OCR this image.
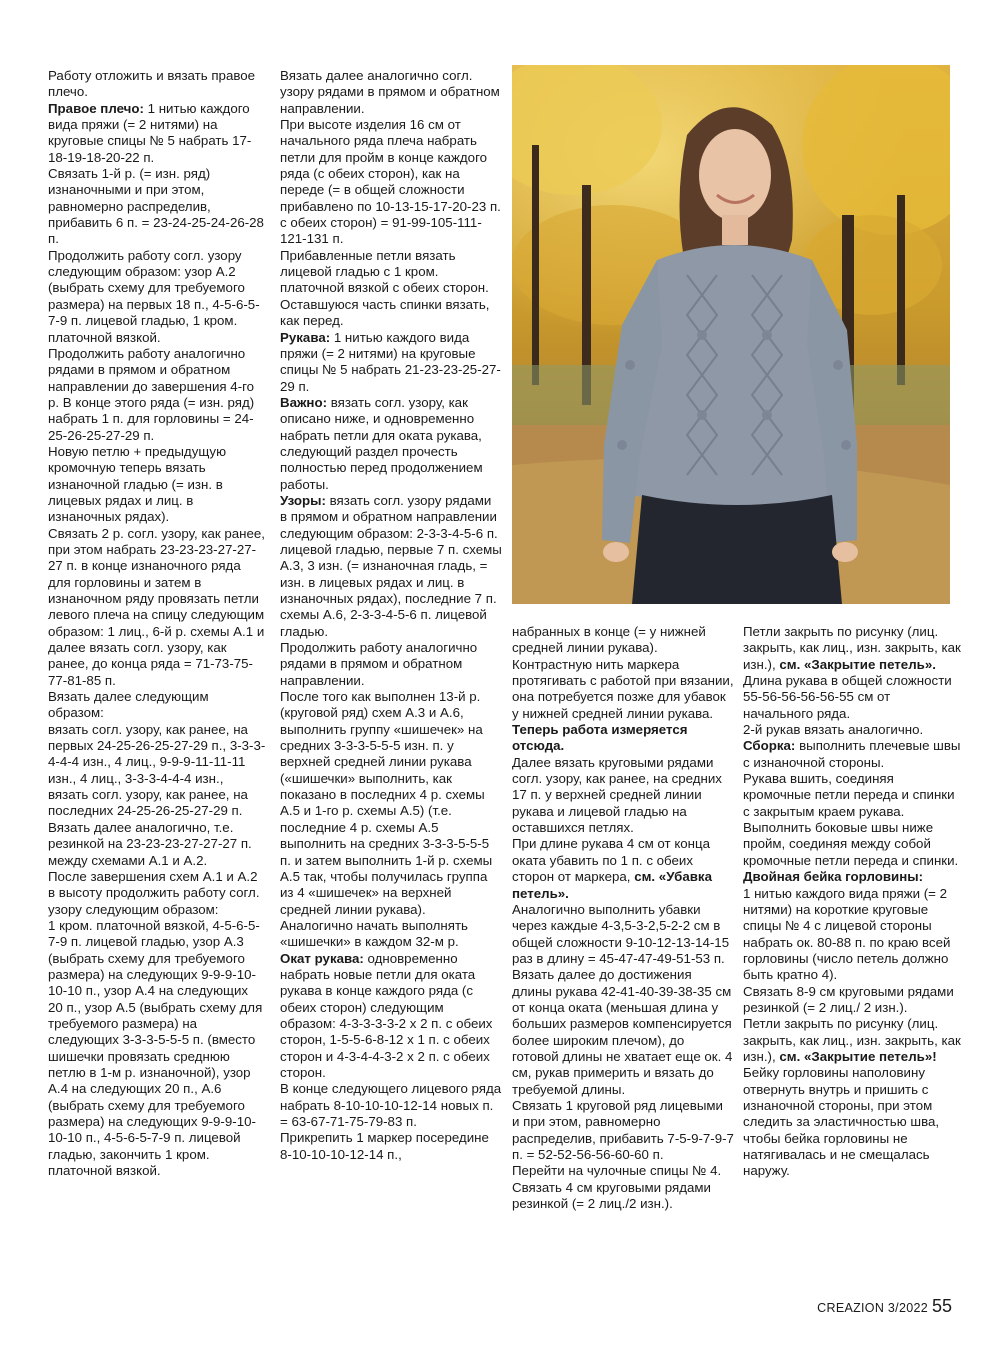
Работу отложить и вязать правое плечо.

Правое плечо: 1 нитью каждого вида пряжи (= 2 нитями) на круговые спицы № 5 набрать 17-18-19-18-20-22 п.

Связать 1-й р. (= изн. ряд) изнаночными и при этом, равномерно распределив, прибавить 6 п. = 23-24-25-24-26-28 п.

Продолжить работу согл. узору следующим образом: узор А.2 (выбрать схему для требуемого размера) на первых 18 п., 4-5-6-5-7-9 п. лицевой гладью, 1 кром. платочной вязкой.

Продолжить работу аналогично рядами в прямом и обратном направлении до завершения 4-го р. В конце этого ряда (= изн. ряд) набрать 1 п. для горловины = 24-25-26-25-27-29 п.

Новую петлю + предыдущую кромочную теперь вязать изнаночной гладью (= изн. в лицевых рядах и лиц. в изнаночных рядах).

Связать 2 р. согл. узору, как ранее, при этом набрать 23-23-23-27-27-27 п. в конце изнаночного ряда для горловины и затем в изнаночном ряду провязать петли левого плеча на спицу следующим образом: 1 лиц., 6-й р. схемы А.1 и далее вязать согл. узору, как ранее, до конца ряда = 71-73-75-77-81-85 п.

Вязать далее следующим образом:
вязать согл. узору, как ранее, на первых 24-25-26-25-27-29 п., 3-3-3-4-4-4 изн., 4 лиц., 9-9-9-11-11-11 изн., 4 лиц., 3-3-3-4-4-4 изн., вязать согл. узору, как ранее, на последних 24-25-26-25-27-29 п.

Вязать далее аналогично, т.е. резинкой на 23-23-23-27-27-27 п. между схемами А.1 и А.2.

После завершения схем А.1 и А.2 в высоту продолжить работу согл. узору следующим образом:
1 кром. платочной вязкой, 4-5-6-5-7-9 п. лицевой гладью, узор А.3 (выбрать схему для требуемого размера) на следующих 9-9-9-10-10-10 п., узор А.4 на следующих 20 п., узор А.5 (выбрать схему для требуемого размера) на следующих 3-3-3-5-5-5 п. (вместо шишечки провязать среднюю петлю в 1-м р. изнаночной), узор А.4 на следующих 20 п., А.6 (выбрать схему для требуемого размера) на следующих 9-9-9-10-10-10 п., 4-5-6-5-7-9 п. лицевой гладью, закончить 1 кром. платочной вязкой.

Вязать далее аналогично согл. узору рядами в прямом и обратном направлении.

При высоте изделия 16 см от начального ряда плеча набрать петли для пройм в конце каждого ряда (с обеих сторон), как на переде (= в общей сложности прибавлено по 10-13-15-17-20-23 п. с обеих сторон) = 91-99-105-111-121-131 п.

Прибавленные петли вязать лицевой гладью с 1 кром. платочной вязкой с обеих сторон.

Оставшуюся часть спинки вязать, как перед.

Рукава: 1 нитью каждого вида пряжи (= 2 нитями) на круговые спицы № 5 набрать 21-23-23-25-27-29 п.

Важно: вязать согл. узору, как описано ниже, и одновременно набрать петли для оката рукава, следующий раздел прочесть полностью перед продолжением работы.

Узоры: вязать согл. узору рядами в прямом и обратном направлении следующим образом: 2-3-3-4-5-6 п. лицевой гладью, первые 7 п. схемы А.3, 3 изн. (= изнаночная гладь, = изн. в лицевых рядах и лиц. в изнаночных рядах), последние 7 п. схемы А.6, 2-3-3-4-5-6 п. лицевой гладью.

Продолжить работу аналогично рядами в прямом и обратном направлении.

После того как выполнен 13-й р. (круговой ряд) схем А.3 и А.6, выполнить группу «шишечек» на средних 3-3-3-5-5-5 изн. п. у верхней средней линии рукава («шишечки» выполнить, как показано в последних 4 р. схемы А.5 и 1-го р. схемы А.5) (т.е. последние 4 р. схемы А.5 выполнить на средних 3-3-3-5-5-5 п. и затем выполнить 1-й р. схемы А.5 так, чтобы получилась группа из 4 «шишечек» на верхней средней линии рукава).

Аналогично начать выполнять «шишечки» в каждом 32-м р.

Окат рукава: одновременно набрать новые петли для оката рукава в конце каждого ряда (с обеих сторон) следующим образом: 4-3-3-3-3-2 х 2 п. с обеих сторон, 1-5-5-6-8-12 х 1 п. с обеих сторон и 4-3-4-4-3-2 х 2 п. с обеих сторон.

В конце следующего лицевого ряда набрать 8-10-10-10-12-14 новых п. = 63-67-71-75-79-83 п.

Прикрепить 1 маркер посередине 8-10-10-10-12-14 п.,

набранных в конце (= у нижней средней линии рукава).

Контрастную нить маркера протягивать с работой при вязании, она потребуется позже для убавок у нижней средней линии рукава.

Теперь работа измеряется отсюда.

Далее вязать круговыми рядами согл. узору, как ранее, на средних 17 п. у верхней средней линии рукава и лицевой гладью на оставшихся петлях.

При длине рукава 4 см от конца оката убавить по 1 п. с обеих сторон от маркера, см. «Убавка петель».

Аналогично выполнить убавки через каждые 4-3,5-3-2,5-2-2 см в общей сложности 9-10-12-13-14-15 раз в длину = 45-47-47-49-51-53 п.

Вязать далее до достижения длины рукава 42-41-40-39-38-35 см от конца оката (меньшая длина у больших размеров компенсируется более широким плечом), до готовой длины не хватает еще ок. 4 см, рукав примерить и вязать до требуемой длины.

Связать 1 круговой ряд лицевыми и при этом, равномерно распределив, прибавить 7-5-9-7-9-7 п. = 52-52-56-56-60-60 п.

Перейти на чулочные спицы № 4.

Связать 4 см круговыми рядами резинкой (= 2 лиц./2 изн.).

Петли закрыть по рисунку (лиц. закрыть, как лиц., изн. закрыть, как изн.), см. «Закрытие петель».

Длина рукава в общей сложности 55-56-56-56-56-55 см от начального ряда.

2-й рукав вязать аналогично.

Сборка: выполнить плечевые швы с изнаночной стороны.

Рукава вшить, соединяя кромочные петли переда и спинки с закрытым краем рукава.

Выполнить боковые швы ниже пройм, соединяя между собой кромочные петли переда и спинки.

Двойная бейка горловины:
1 нитью каждого вида пряжи (= 2 нитями) на короткие круговые спицы № 4 с лицевой стороны набрать ок. 80-88 п. по краю всей горловины (число петель должно быть кратно 4).

Связать 8-9 см круговыми рядами резинкой (= 2 лиц./ 2 изн.).

Петли закрыть по рисунку (лиц. закрыть, как лиц., изн. закрыть, как изн.), см. «Закрытие петель»!

Бейку горловины наполовину отвернуть внутрь и пришить с изнаночной стороны, при этом следить за эластичностью шва, чтобы бейка горловины не натягивалась и не смещалась наружу.

CREAZION 3/2022 55
